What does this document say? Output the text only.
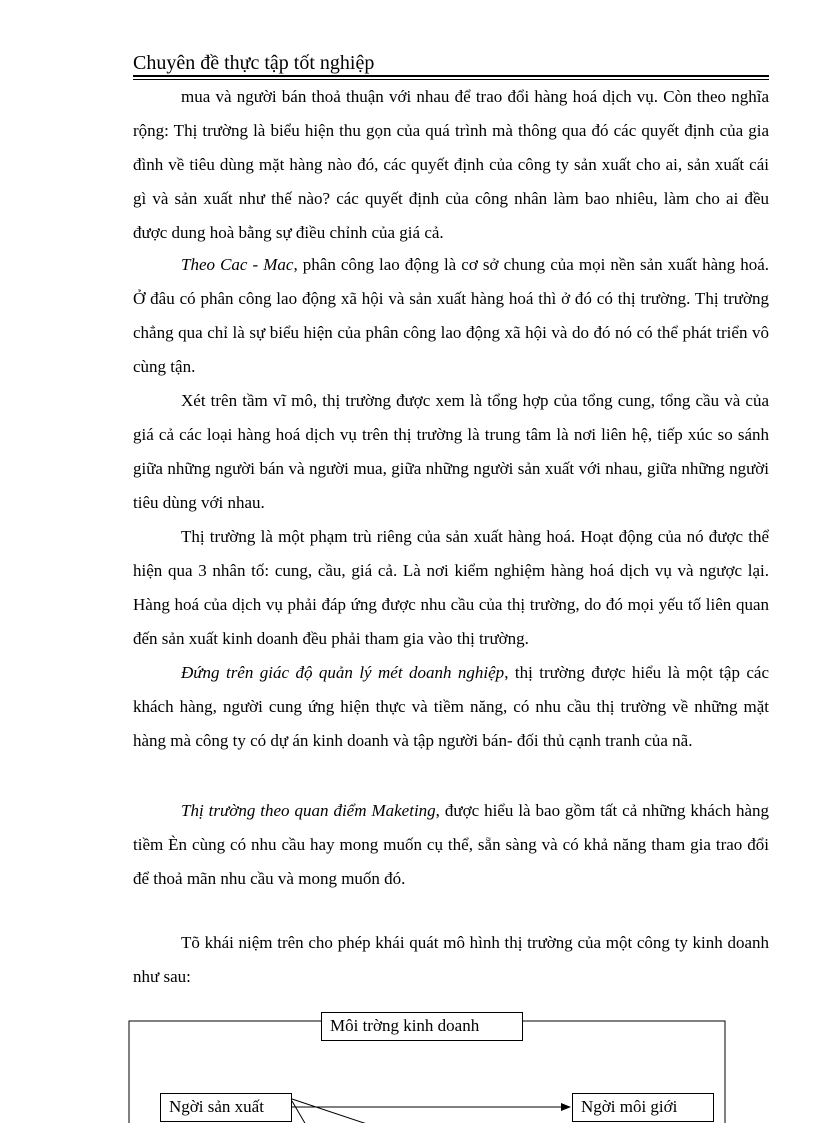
Chuyên đề thực tập tốt nghiệp

mua và người bán thoả thuận với nhau để trao đổi hàng hoá dịch vụ. Còn theo nghĩa rộng: Thị trường là biểu hiện thu gọn của quá trình mà thông qua đó các quyết định của gia đình về tiêu dùng mặt hàng nào đó, các quyết định của công ty sản xuất cho ai, sản xuất cái gì và sản xuất như thế nào? các quyết định của công nhân làm bao nhiêu, làm cho ai đều được dung hoà bằng sự điều chỉnh của giá cả.

Theo Cac - Mac, phân công lao động là cơ sở chung của mọi nền sản xuất hàng hoá. Ở đâu có phân công lao động xã hội và sản xuất hàng hoá thì ở đó có thị trường. Thị trường chẳng qua chỉ là sự biểu hiện của phân công lao động xã hội và do đó nó có thể phát triển vô cùng tận.

Xét trên tầm vĩ mô, thị trường được xem là tổng hợp của tổng cung, tổng cầu và của giá cả các loại hàng hoá dịch vụ trên thị trường là trung tâm là nơi liên hệ, tiếp xúc so sánh giữa những người bán và người mua, giữa những người sản xuất với nhau, giữa những người tiêu dùng với nhau.

Thị trường là một phạm trù riêng của sản xuất hàng hoá. Hoạt động của nó được thể hiện qua 3 nhân tố: cung, cầu, giá cả. Là nơi kiểm nghiệm hàng hoá dịch vụ và ngược lại. Hàng hoá của dịch vụ phải đáp ứng được nhu cầu của thị trường, do đó mọi yếu tố liên quan đến sản xuất kinh doanh đều phải tham gia vào thị trường.

Đứng trên giác độ quản lý mét doanh nghiệp, thị trường được hiểu là một tập các khách hàng, người cung ứng hiện thực và tiềm năng, có nhu cầu thị trường về những mặt hàng mà công ty có dự án kinh doanh và tập người bán- đối thủ cạnh tranh của nã.

Thị trường theo quan điểm Maketing, được hiểu là bao gồm tất cả những khách hàng tiềm Èn cùng có nhu cầu hay mong muốn cụ thể, sẵn sàng và có khả năng tham gia trao đổi để thoả mãn nhu cầu và mong muốn đó.

Tõ khái niệm trên cho phép khái quát mô hình thị trường của một công ty kinh doanh như sau:

Môi trờng kinh doanh
Ngời sản xuất	Ngời môi giới
